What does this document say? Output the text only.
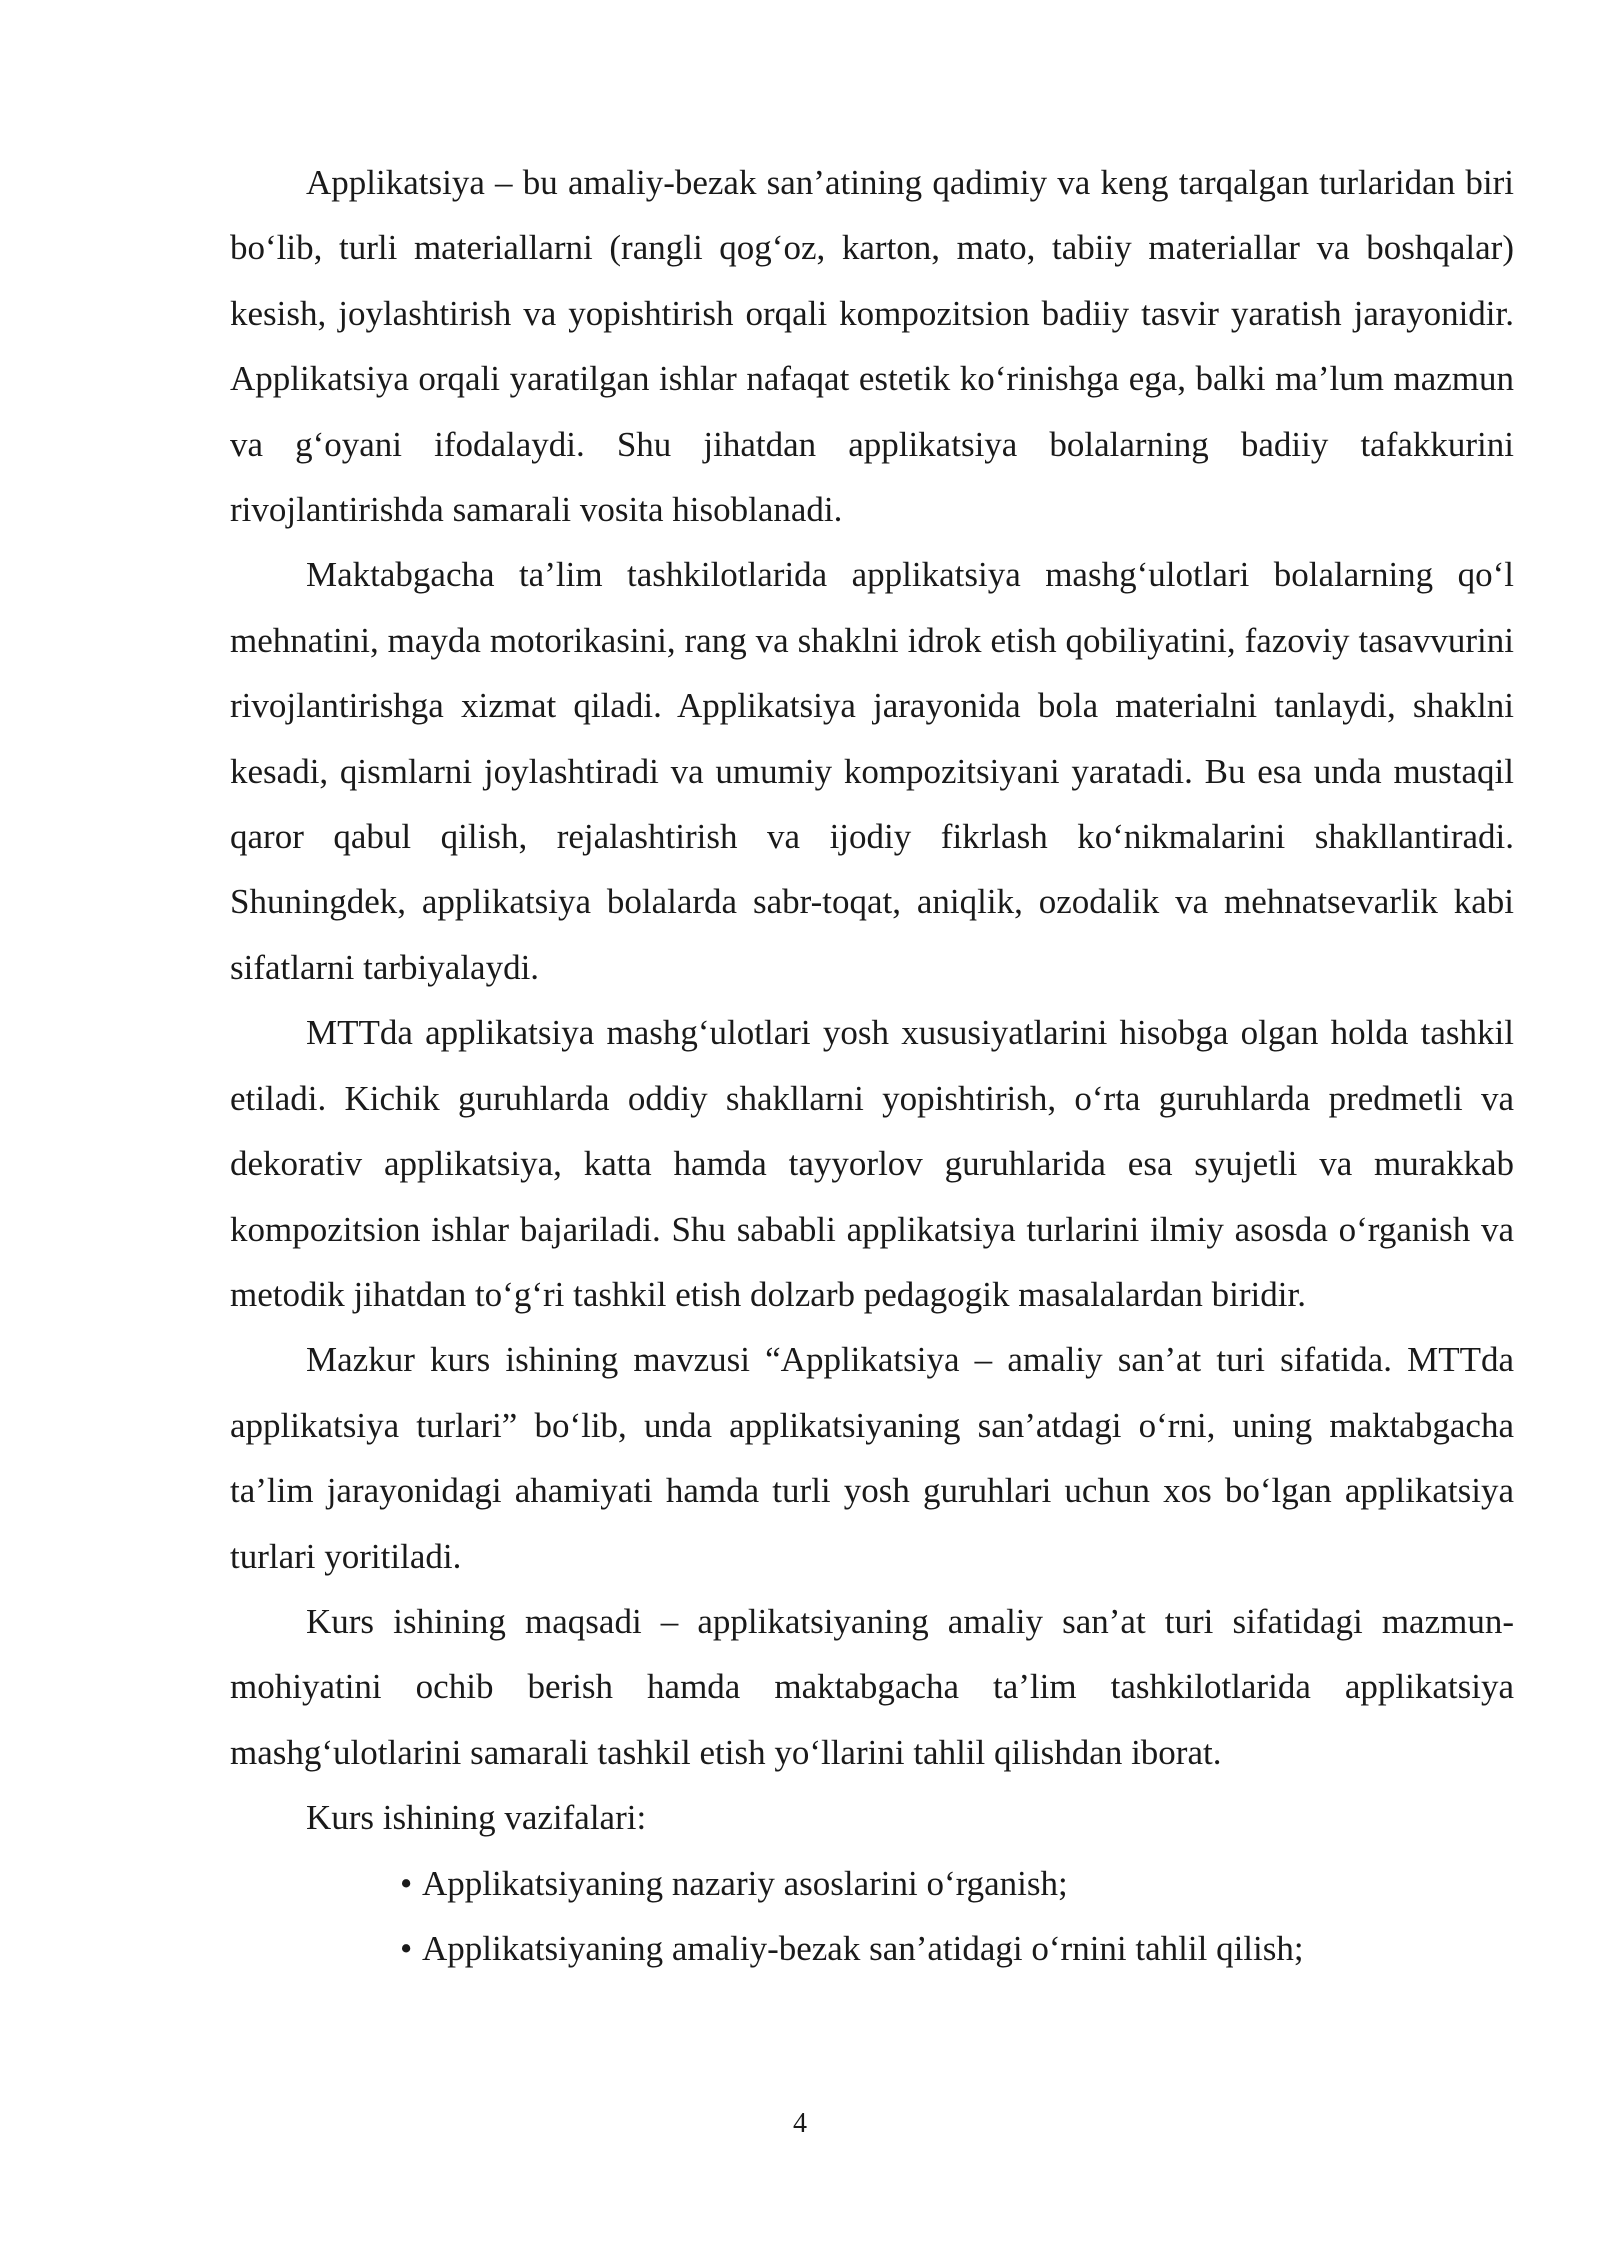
Applikatsiya – bu amaliy-bezak san’atining qadimiy va keng tarqalgan turlaridan biri bo‘lib, turli materiallarni (rangli qog‘oz, karton, mato, tabiiy materiallar va boshqalar) kesish, joylashtirish va yopishtirish orqali kompozitsion badiiy tasvir yaratish jarayonidir. Applikatsiya orqali yaratilgan ishlar nafaqat estetik ko‘rinishga ega, balki ma’lum mazmun va g‘oyani ifodalaydi. Shu jihatdan applikatsiya bolalarning badiiy tafakkurini rivojlantirishda samarali vosita hisoblanadi.

Maktabgacha ta’lim tashkilotlarida applikatsiya mashg‘ulotlari bolalarning qo‘l mehnatini, mayda motorikasini, rang va shaklni idrok etish qobiliyatini, fazoviy tasavvurini rivojlantirishga xizmat qiladi. Applikatsiya jarayonida bola materialni tanlaydi, shaklni kesadi, qismlarni joylashtiradi va umumiy kompozitsiyani yaratadi. Bu esa unda mustaqil qaror qabul qilish, rejalashtirish va ijodiy fikrlash ko‘nikmalarini shakllantiradi. Shuningdek, applikatsiya bolalarda sabr-toqat, aniqlik, ozodalik va mehnatsevarlik kabi sifatlarni tarbiyalaydi.

MTTda applikatsiya mashg‘ulotlari yosh xususiyatlarini hisobga olgan holda tashkil etiladi. Kichik guruhlarda oddiy shakllarni yopishtirish, o‘rta guruhlarda predmetli va dekorativ applikatsiya, katta hamda tayyorlov guruhlarida esa syujetli va murakkab kompozitsion ishlar bajariladi. Shu sababli applikatsiya turlarini ilmiy asosda o‘rganish va metodik jihatdan to‘g‘ri tashkil etish dolzarb pedagogik masalalardan biridir.

Mazkur kurs ishining mavzusi “Applikatsiya – amaliy san’at turi sifatida. MTTda applikatsiya turlari” bo‘lib, unda applikatsiyaning san’atdagi o‘rni, uning maktabgacha ta’lim jarayonidagi ahamiyati hamda turli yosh guruhlari uchun xos bo‘lgan applikatsiya turlari yoritiladi.

Kurs ishining maqsadi – applikatsiyaning amaliy san’at turi sifatidagi mazmun-mohiyatini ochib berish hamda maktabgacha ta’lim tashkilotlarida applikatsiya mashg‘ulotlarini samarali tashkil etish yo‘llarini tahlil qilishdan iborat.

Kurs ishining vazifalari:

• Applikatsiyaning nazariy asoslarini o‘rganish;
• Applikatsiyaning amaliy-bezak san’atidagi o‘rnini tahlil qilish;
4
